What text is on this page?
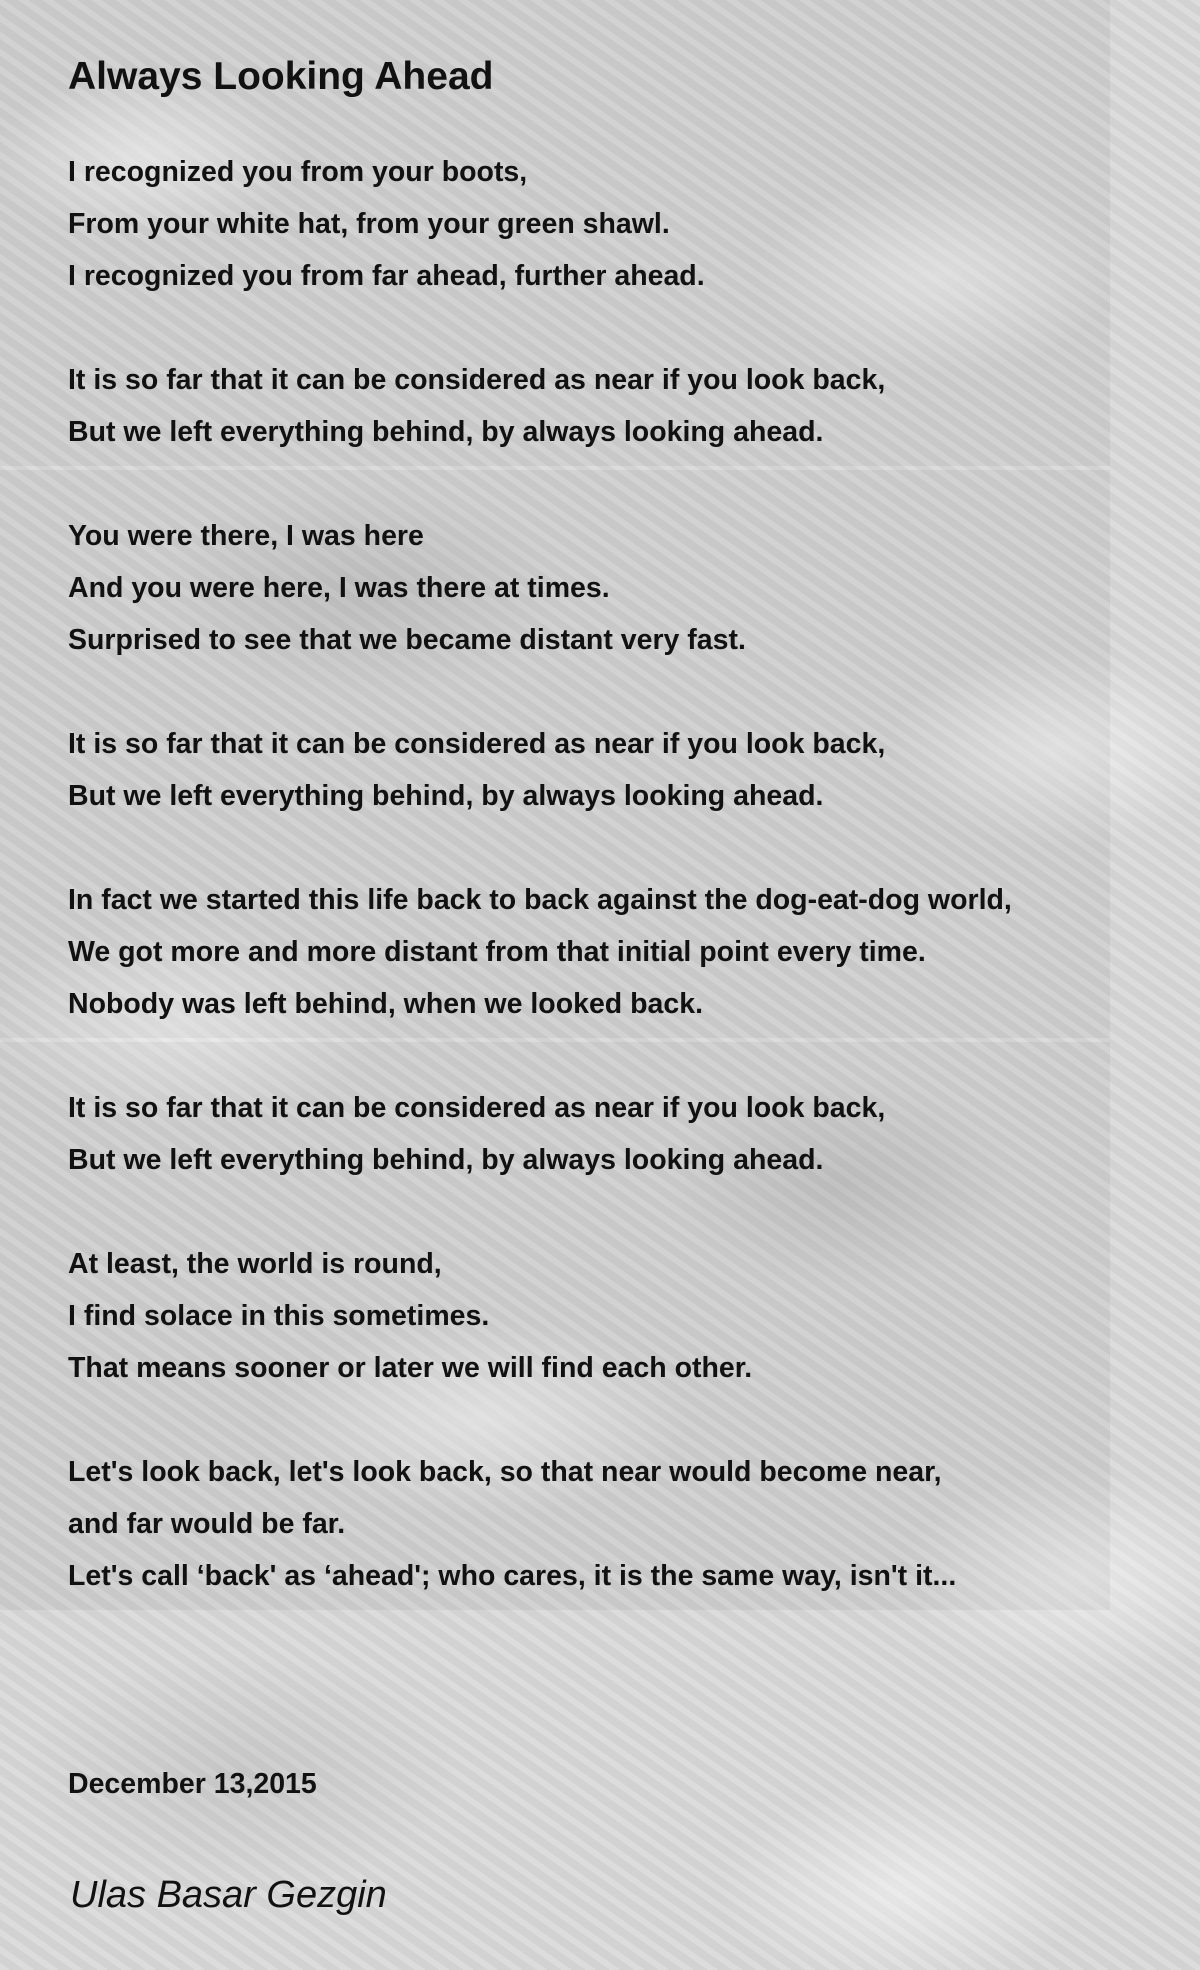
Always Looking Ahead
I recognized you from your boots,
From your white hat, from your green shawl.
I recognized you from far ahead, further ahead.
It is so far that it can be considered as near if you look back,
But we left everything behind, by always looking ahead.
You were there, I was here
And you were here, I was there at times.
Surprised to see that we became distant very fast.
It is so far that it can be considered as near if you look back,
But we left everything behind, by always looking ahead.
In fact we started this life back to back against the dog-eat-dog world,
We got more and more distant from that initial point every time.
Nobody was left behind, when we looked back.
It is so far that it can be considered as near if you look back,
But we left everything behind, by always looking ahead.
At least, the world is round,
I find solace in this sometimes.
That means sooner or later we will find each other.
Let's look back, let's look back, so that near would become near,
and far would be far.
Let's call ‘back' as ‘ahead'; who cares, it is the same way, isn't it...
December 13,2015
Ulas Basar Gezgin
